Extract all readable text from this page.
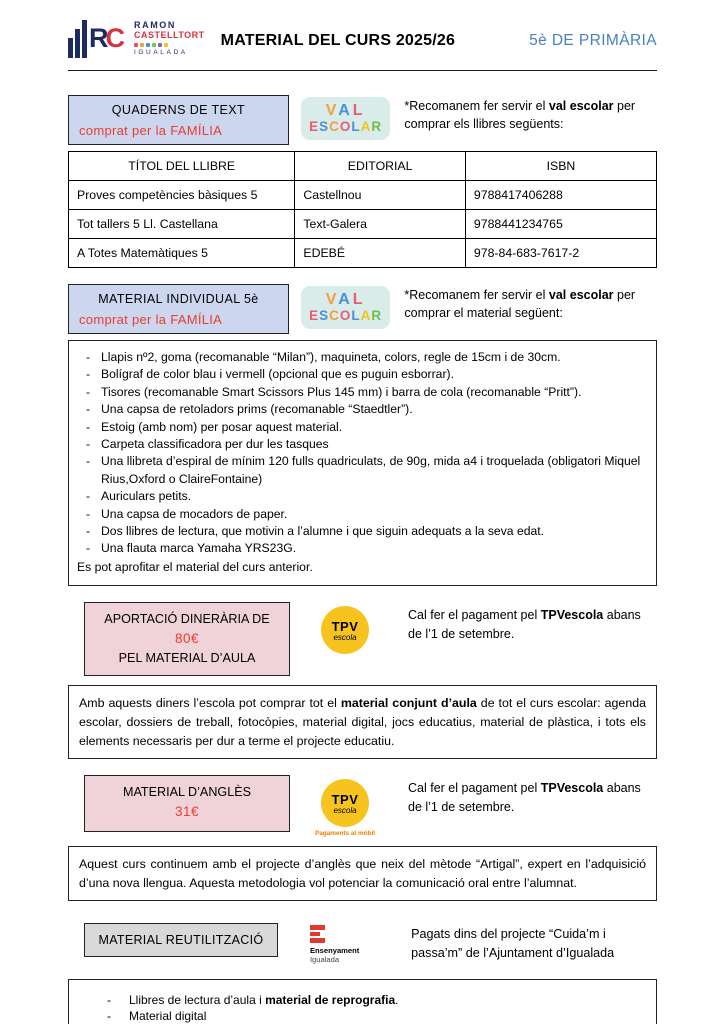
R
C RAMON
CASTELLTORT
IGUALADA
MATERIAL DEL CURS 2025/26	5è DE PRIMÀRIA
QUADERNS DE TEXT
comprat per la FAMÍLIA
VAL
ESCOLAR

*Recomanem fer servir el val escolar per comprar els llibres següents:

TÍTOL DEL LLIBRE	EDITORIAL	ISBN
Proves competències bàsiques 5	Castellnou	9788417406288
Tot tallers 5 Ll. Castellana	Text-Galera	9788441234765
A Totes Matemàtiques 5	EDEBÉ	978-84-683-7617-2
MATERIAL INDIVIDUAL 5è
comprat per la FAMÍLIA
VAL
ESCOLAR

*Recomanem fer servir el val escolar per comprar el material següent:

- Llapis nº2, goma (recomanable “Milan”), maquineta, colors, regle de 15cm i de 30cm.
- Bolígraf de color blau i vermell (opcional que es puguin esborrar).
- Tisores (recomanable Smart Scissors Plus 145 mm) i barra de cola (recomanable “Pritt”).
- Una capsa de retoladors prims (recomanable “Staedtler”).
- Estoig (amb nom) per posar aquest material.
- Carpeta classificadora per dur les tasques
- Una llibreta d’espiral de mínim 120 fulls quadriculats, de 90g, mida a4 i troquelada (obligatori Miquel Rius,Oxford o ClaireFontaine)
- Auriculars petits.
- Una capsa de mocadors de paper.
- Dos llibres de lectura, que motivin a l’alumne i que siguin adequats a la seva edat.
- Una flauta marca Yamaha YRS23G.

Es pot aprofitar el material del curs anterior.

APORTACIÓ DINERÀRIA DE
80€
PEL MATERIAL D’AULA
TPV
escola

Cal fer el pagament pel TPVescola abans de l’1 de setembre.

Amb aquests diners l’escola pot comprar tot el material conjunt d’aula de tot el curs escolar: agenda escolar, dossiers de treball, fotocòpies, material digital, jocs educatius, material de plàstica, i tots els elements necessaris per dur a terme el projecte educatiu.

MATERIAL D’ANGLÈS
31€
TPV
escola
Pagaments al mòbil

Cal fer el pagament pel TPVescola abans de l’1 de setembre.

Aquest curs continuem amb el projecte d’anglès que neix del mètode “Artigal”, expert en l’adquisició d’una nova llengua. Aquesta metodologia vol potenciar la comunicació oral entre l’alumnat.

MATERIAL REUTILITZACIÓ
Ensenyament
Igualada

Pagats dins del projecte “Cuida’m i passa’m” de l’Ajuntament d’Igualada

- Llibres de lectura d’aula i material de reprografia.
- Material digital
